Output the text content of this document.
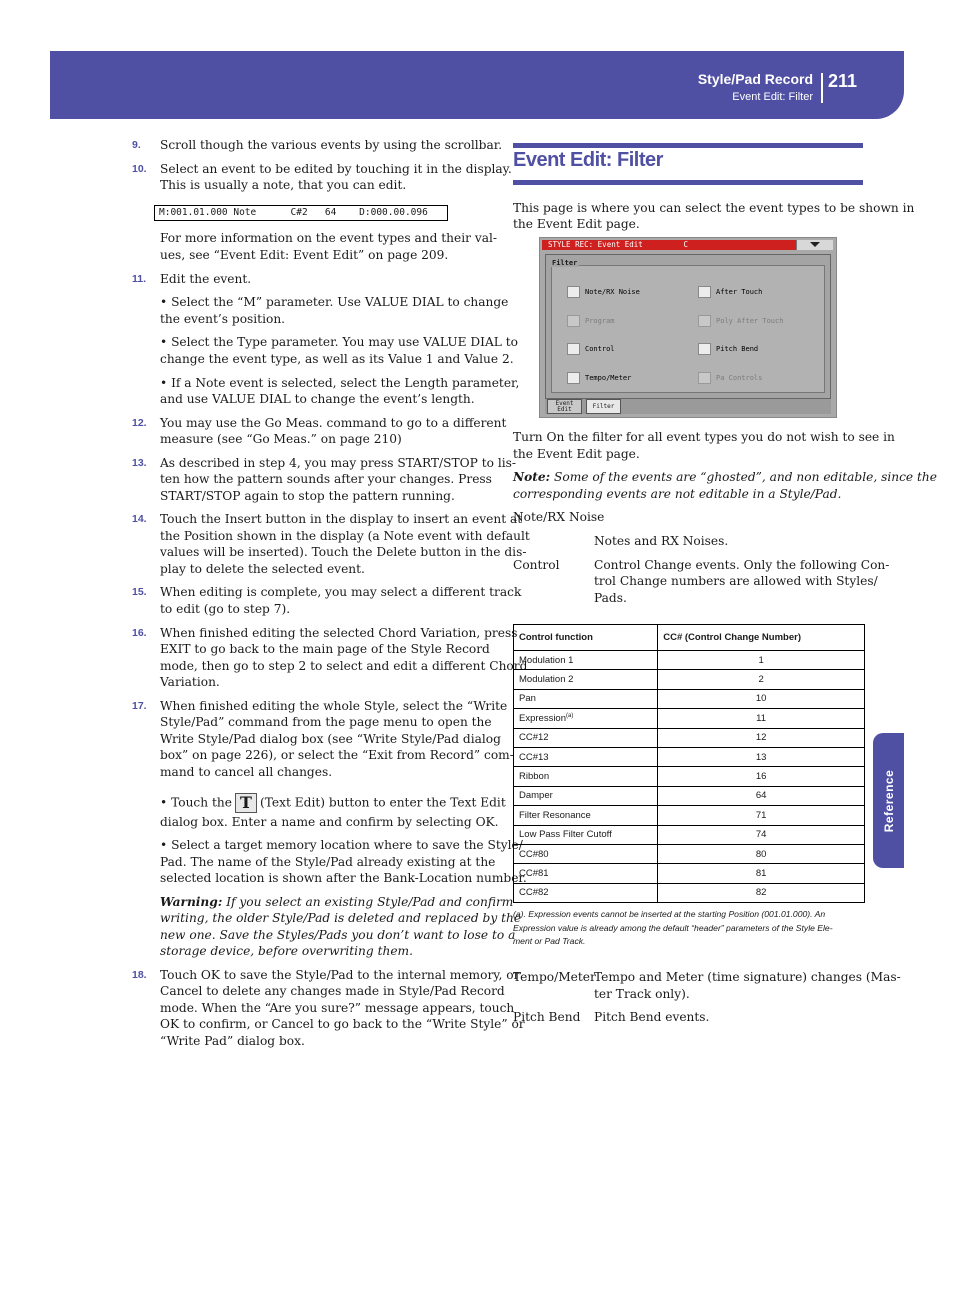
Style/Pad Record
Event Edit: Filter
211
Reference
9. Scroll though the various events by using the scrollbar.
10. Select an event to be edited by touching it in the display.
This is usually a note, that you can edit.
M:001.01.000 Note      C#2   64    D:000.00.096
For more information on the event types and their val-
ues, see “Event Edit: Event Edit” on page 209.
11. Edit the event.
• Select the “M” parameter. Use VALUE DIAL to change
the event’s position.
• Select the Type parameter. You may use VALUE DIAL to
change the event type, as well as its Value 1 and Value 2.
• If a Note event is selected, select the Length parameter,
and use VALUE DIAL to change the event’s length.
12. You may use the Go Meas. command to go to a different
measure (see “Go Meas.” on page 210)
13. As described in step 4, you may press START/STOP to lis-
ten how the pattern sounds after your changes. Press
START/STOP again to stop the pattern running.
14. Touch the Insert button in the display to insert an event at
the Position shown in the display (a Note event with default
values will be inserted). Touch the Delete button in the dis-
play to delete the selected event.
15. When editing is complete, you may select a different track
to edit (go to step 7).
16. When finished editing the selected Chord Variation, press
EXIT to go back to the main page of the Style Record
mode, then go to step 2 to select and edit a different Chord
Variation.
17. When finished editing the whole Style, select the “Write
Style/Pad” command from the page menu to open the
Write Style/Pad dialog box (see “Write Style/Pad dialog
box” on page 226), or select the “Exit from Record” com-
mand to cancel all changes.
• Touch the T (Text Edit) button to enter the Text Edit
dialog box. Enter a name and confirm by selecting OK.
• Select a target memory location where to save the Style/
Pad. The name of the Style/Pad already existing at the
selected location is shown after the Bank-Location number.
Warning: If you select an existing Style/Pad and confirm
writing, the older Style/Pad is deleted and replaced by the
new one. Save the Styles/Pads you don’t want to lose to a
storage device, before overwriting them.
18. Touch OK to save the Style/Pad to the internal memory, or
Cancel to delete any changes made in Style/Pad Record
mode. When the “Are you sure?” message appears, touch
OK to confirm, or Cancel to go back to the “Write Style” or
“Write Pad” dialog box.
Event Edit: Filter
This page is where you can select the event types to be shown in
the Event Edit page.
STYLE REC: Event Edit         C
Note/RX Noise	After Touch
Program	Poly After Touch
Control	Pitch Bend
Tempo/Meter	Pa Controls
Filter
Event
Edit	Filter
Turn On the filter for all event types you do not wish to see in
the Event Edit page.
Note: Some of the events are “ghosted”, and non editable, since the
corresponding events are not editable in a Style/Pad.
Note/RX Noise
Notes and RX Noises.
Control	Control Change events. Only the following Con-
trol Change numbers are allowed with Styles/
Pads.
Control function	CC# (Control Change Number)
Modulation 1	1
Modulation 2	2
Pan	10
Expression$^{(a)}$	11
CC#12	12
CC#13	13
Ribbon	16
Damper	64
Filter Resonance	71
Low Pass Filter Cutoff	74
CC#80	80
CC#81	81
CC#82	82
(a). Expression events cannot be inserted at the starting Position (001.01.000). An
Expression value is already among the default “header” parameters of the Style Ele-
ment or Pad Track.
Tempo/Meter
Tempo and Meter (time signature) changes (Mas-
ter Track only).
Pitch Bend Pitch Bend events.
